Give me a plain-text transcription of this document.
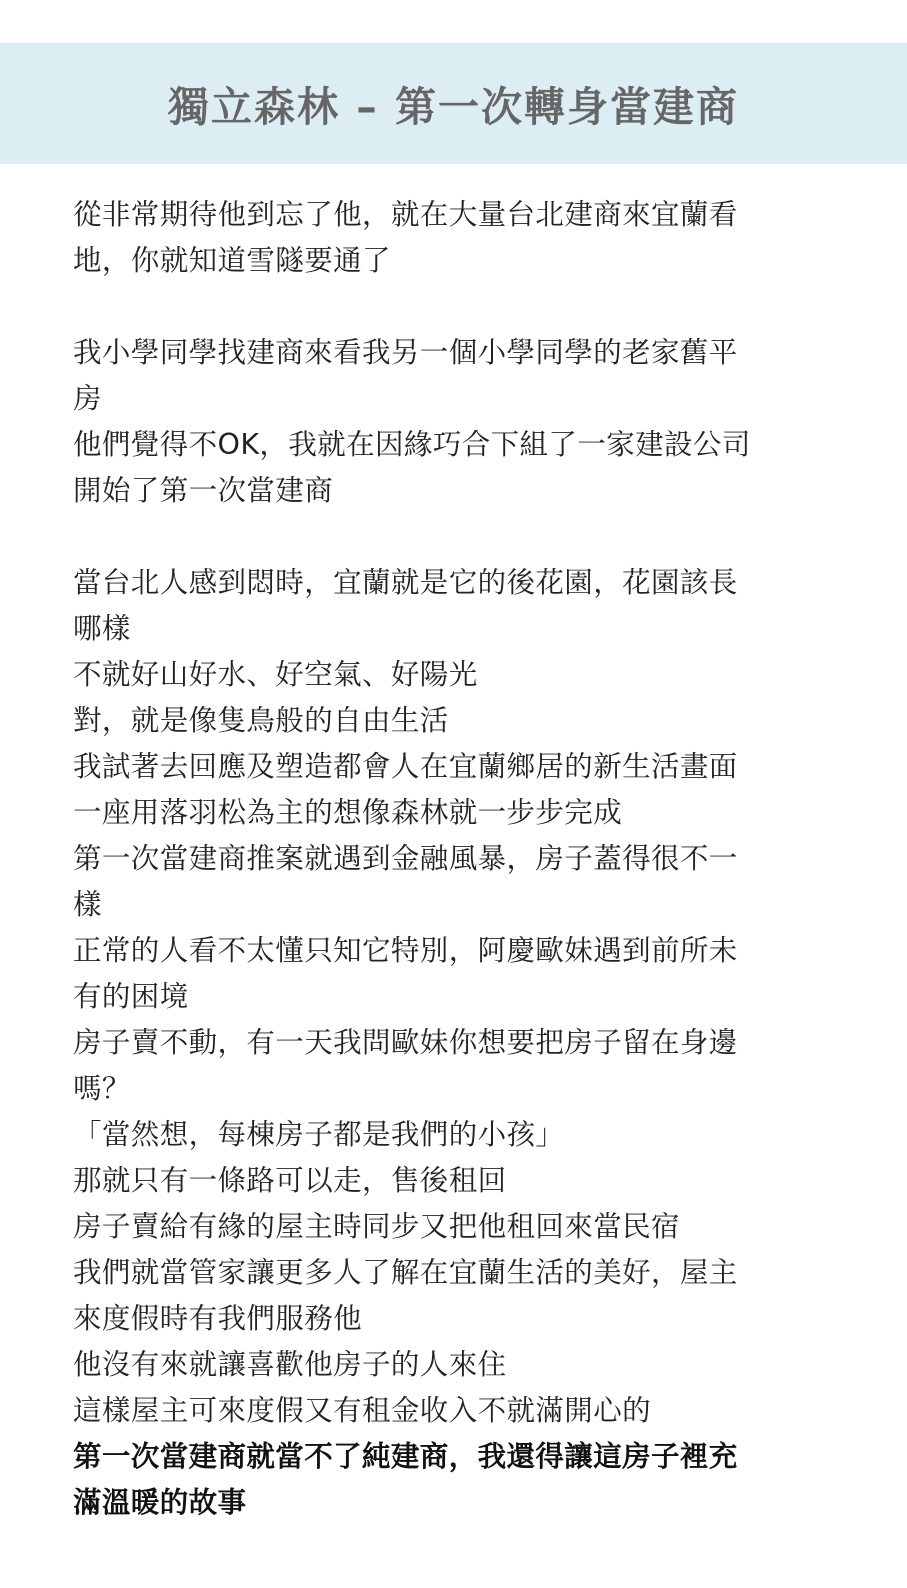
獨立森林 – 第一次轉身當建商

從非常期待他到忘了他，就在大量台北建商來宜蘭看
地，你就知道雪隧要通了

我小學同學找建商來看我另一個小學同學的老家舊平
房
他們覺得不OK，我就在因緣巧合下組了一家建設公司
開始了第一次當建商

當台北人感到悶時，宜蘭就是它的後花園，花園該長
哪樣
不就好山好水、好空氣、好陽光
對，就是像隻鳥般的自由生活
我試著去回應及塑造都會人在宜蘭鄉居的新生活畫面
一座用落羽松為主的想像森林就一步步完成
第一次當建商推案就遇到金融風暴，房子蓋得很不一
樣
正常的人看不太懂只知它特別，阿慶歐妹遇到前所未
有的困境
房子賣不動，有一天我問歐妹你想要把房子留在身邊
嗎？
「當然想，每棟房子都是我們的小孩」
那就只有一條路可以走，售後租回
房子賣給有緣的屋主時同步又把他租回來當民宿
我們就當管家讓更多人了解在宜蘭生活的美好，屋主
來度假時有我們服務他
他沒有來就讓喜歡他房子的人來住
這樣屋主可來度假又有租金收入不就滿開心的

第一次當建商就當不了純建商，我還得讓這房子裡充
滿溫暖的故事
